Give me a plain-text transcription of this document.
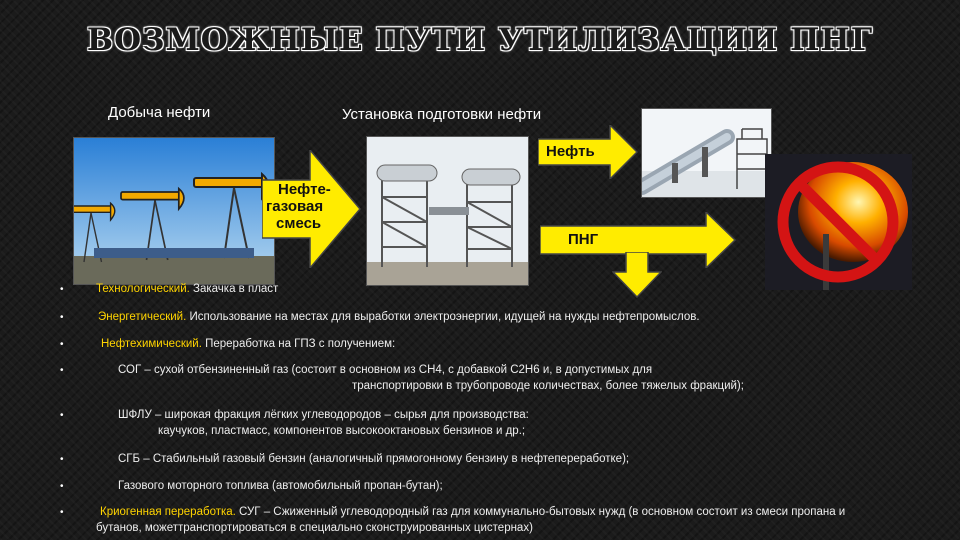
ВОЗМОЖНЫЕ ПУТИ УТИЛИЗАЦИИ ПНГ
Добыча нефти	Установка подготовки нефти
Нефте-
газовая
смесь
Нефть
ПНГ
•	Технологический. Закачка в пласт
•	Энергетический. Использование на местах для выработки электроэнергии, идущей на нужды нефтепромыслов.
•	Нефтехимический. Переработка на ГПЗ с получением:
•	СОГ – сухой отбензиненный газ (состоит в основном из СН4, с добавкой С2Н6 и, в допустимых для
транспортировки в трубопроводе количествах, более тяжелых фракций);
•	ШФЛУ – широкая фракция лёгких углеводородов – сырья для производства:
каучуков, пластмасс, компонентов высокооктановых бензинов и др.;
•	СГБ – Стабильный газовый бензин (аналогичный прямогонному бензину в нефтепереработке);
•	Газового моторного топлива (автомобильный пропан-бутан);
•	Криогенная переработка. СУГ – Сжиженный углеводородный газ для коммунально-бытовых нужд (в основном состоит из смеси пропана и
бутанов, можеттранспортироваться в специально сконструированных цистернах)
